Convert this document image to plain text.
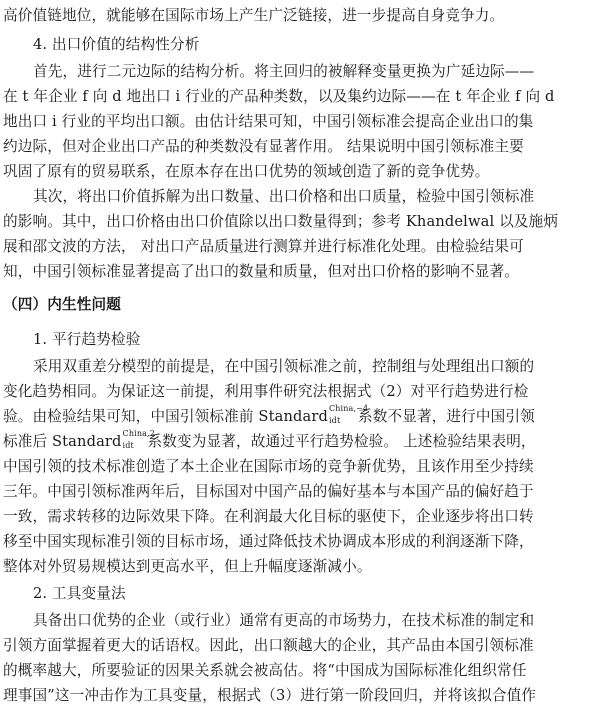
高价值链地位，就能够在国际市场上产生广泛链接，进一步提高自身竞争力。
4. 出口价值的结构性分析
首先，进行二元边际的结构分析。将主回归的被解释变量更换为广延边际——
在 t 年企业 f 向 d 地出口 i 行业的产品种类数，以及集约边际——在 t 年企业 f 向 d
地出口 i 行业的平均出口额。由估计结果可知，中国引领标准会提高企业出口的集
约边际，但对企业出口产品的种类数没有显著作用。 结果说明中国引领标准主要
巩固了原有的贸易联系，在原本存在出口优势的领域创造了新的竞争优势。
其次，将出口价值拆解为出口数量、出口价格和出口质量，检验中国引领标准
的影响。其中，出口价格由出口价值除以出口数量得到；参考 Khandelwal 以及施炳
展和邵文波的方法， 对出口产品质量进行测算并进行标准化处理。由检验结果可
知，中国引领标准显著提高了出口的数量和质量，但对出口价格的影响不显著。
（四）内生性问题
1. 平行趋势检验
采用双重差分模型的前提是，在中国引领标准之前，控制组与处理组出口额的
变化趋势相同。为保证这一前提，利用事件研究法根据式（2）对平行趋势进行检
验。由检验结果可知，中国引领标准前 Standard China,−4
idt 系数不显著，进行中国引领
标准后 Standard China,2
idt 系数变为显著，故通过平行趋势检验。 上述检验结果表明，
中国引领的技术标准创造了本土企业在国际市场的竞争新优势，且该作用至少持续
三年。中国引领标准两年后，目标国对中国产品的偏好基本与本国产品的偏好趋于
一致，需求转移的边际效果下降。在利润最大化目标的驱使下，企业逐步将出口转
移至中国实现标准引领的目标市场，通过降低技术协调成本形成的利润逐渐下降，
整体对外贸易规模达到更高水平，但上升幅度逐渐减小。
2. 工具变量法
具备出口优势的企业（或行业）通常有更高的市场势力，在技术标准的制定和
引领方面掌握着更大的话语权。因此，出口额越大的企业，其产品由本国引领标准
的概率越大，所要验证的因果关系就会被高估。将“中国成为国际标准化组织常任
理事国”这一冲击作为工具变量，根据式（3）进行第一阶段回归，并将该拟合值作
